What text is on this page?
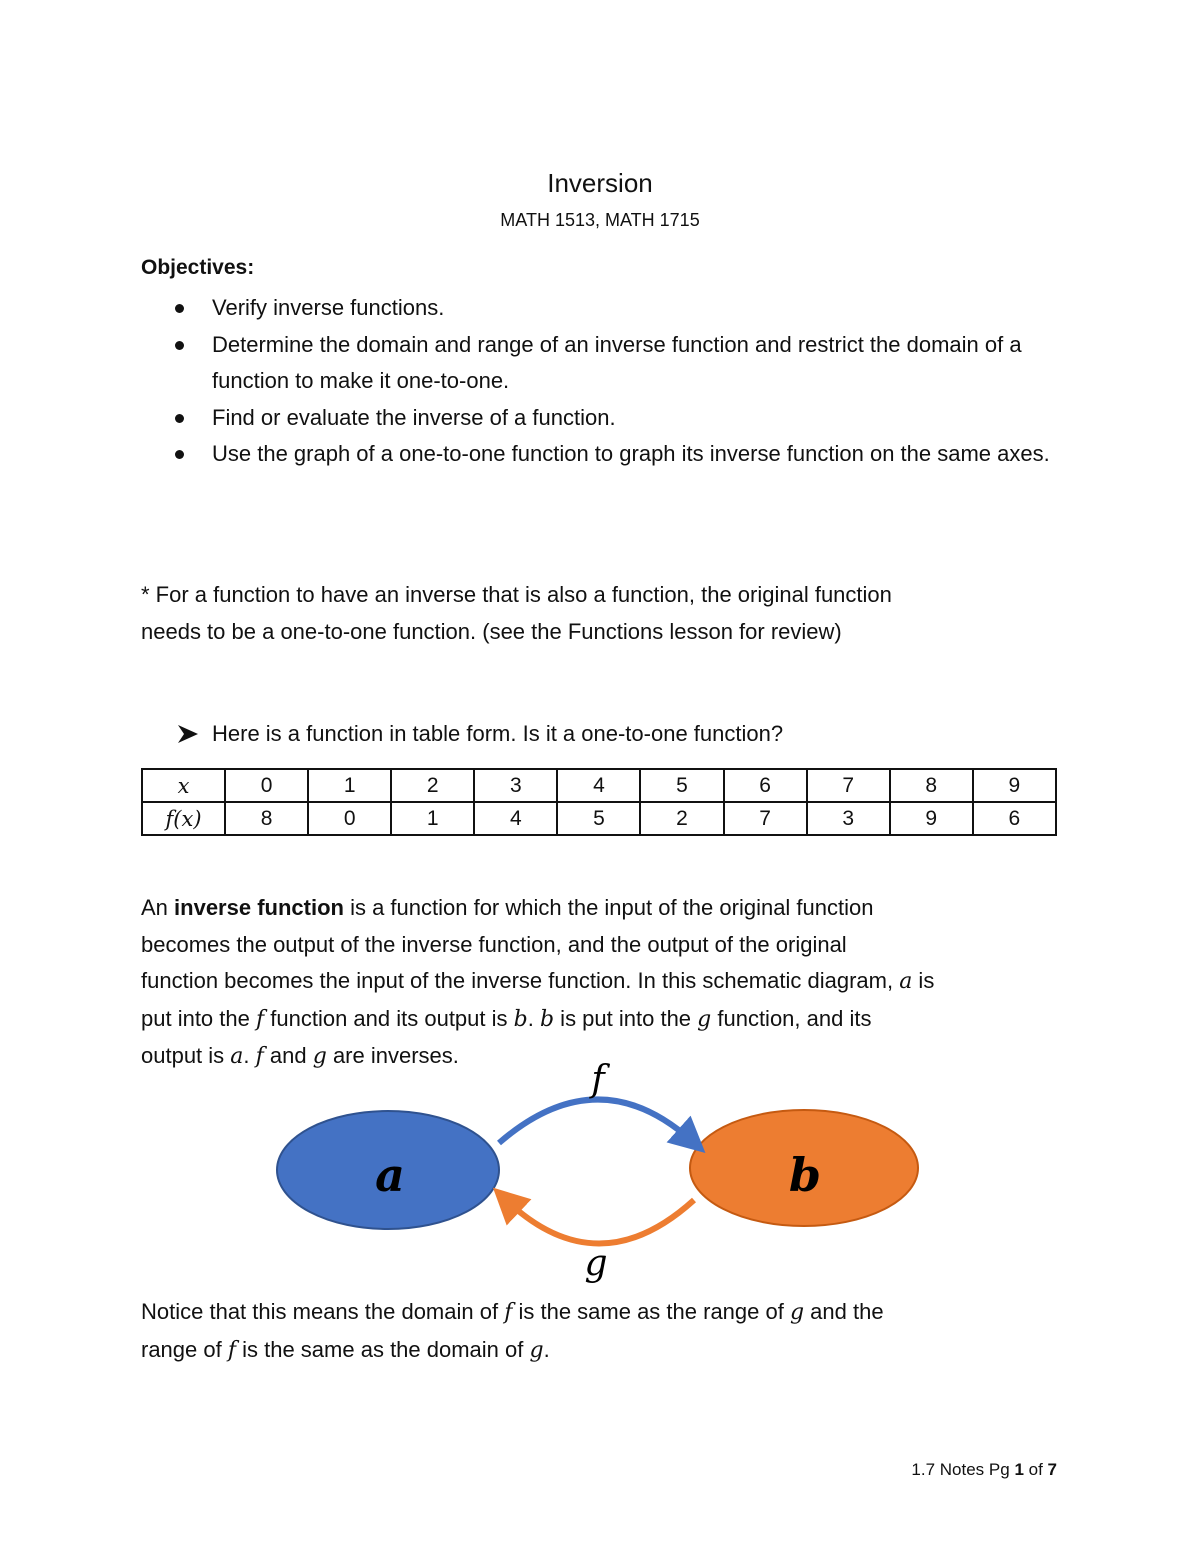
Inversion
MATH 1513, MATH 1715
Objectives:
Verify inverse functions.
Determine the domain and range of an inverse function and restrict the domain of a function to make it one-to-one.
Find or evaluate the inverse of a function.
Use the graph of a one-to-one function to graph its inverse function on the same axes.

* For a function to have an inverse that is also a function, the original function
needs to be a one-to-one function. (see the Functions lesson for review)

Here is a function in table form. Is it a one-to-one function?
x	0	1	2	3	4	5	6	7	8	9
f(x)	8	0	1	4	5	2	7	3	9	6

An inverse function is a function for which the input of the original function
becomes the output of the inverse function, and the output of the original
function becomes the input of the inverse function. In this schematic diagram, a is
put into the f function and its output is b. b is put into the g function, and its
output is a. f and g are inverses.

a	b
f
g

Notice that this means the domain of f is the same as the range of g and the
range of f is the same as the domain of g.

1.7 Notes Pg 1 of 7
